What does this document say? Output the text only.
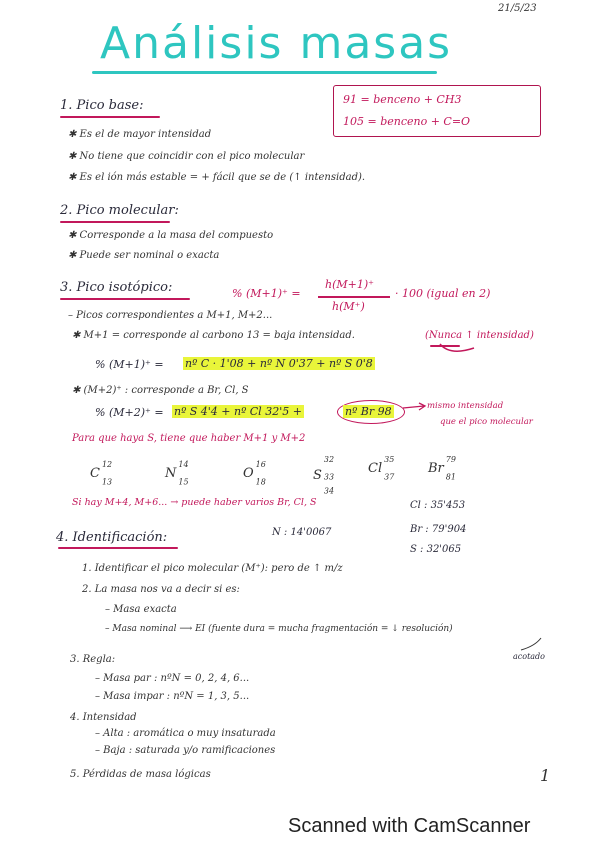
21/5/23
Análisis masas
91 = benceno + CH3
105 = benceno + C=O
1. Pico base:
✱ Es el de mayor intensidad
✱ No tiene que coincidir con el pico molecular
✱ Es el ión más estable = + fácil que se de (↑ intensidad).
2. Pico molecular:
✱ Corresponde a la masa del compuesto
✱ Puede ser nominal o exacta
3. Pico isotópico:	% (M+1)⁺ =
h(M+1)⁺
h(M⁺)
· 100 (igual en 2)
– Picos correspondientes a M+1, M+2...
✱ M+1 = corresponde al carbono 13 = baja intensidad.	(Nunca ↑ intensidad)
% (M+1)⁺ = nº C · 1'08 + nº N 0'37 + nº S 0'8
✱ (M+2)⁺ : corresponde a Br, Cl, S
% (M+2)⁺ = nº S 4'4 + nº Cl 32'5 +	nº Br 98	mismo intensidad
que el pico molecular
Para que haya S, tiene que haber M+1 y M+2
$C^{12}$
$_{13}$
$N^{14}$
$_{15}$
$O^{16}$
$_{18}$	$S^{32}$
$_{33}$
$_{34}$
Cl$^{35}$
$_{37}$
Br$^{79}$
$_{81}$
Si hay M+4, M+6... → puede haber varios Br, Cl, S
4. Identificación:	N : 14'0067
Cl : 35'453
Br : 79'904
S : 32'065
1. Identificar el pico molecular (M⁺): pero de ↑ m/z
2. La masa nos va a decir si es:
– Masa exacta
– Masa nominal ⟶ EI (fuente dura = mucha fragmentación = ↓ resolución)
acotado
3. Regla:
– Masa par : nºN = 0, 2, 4, 6...
– Masa impar : nºN = 1, 3, 5...
4. Intensidad
– Alta : aromática o muy insaturada
– Baja : saturada y/o ramificaciones
5. Pérdidas de masa lógicas	1
Scanned with CamScanner
